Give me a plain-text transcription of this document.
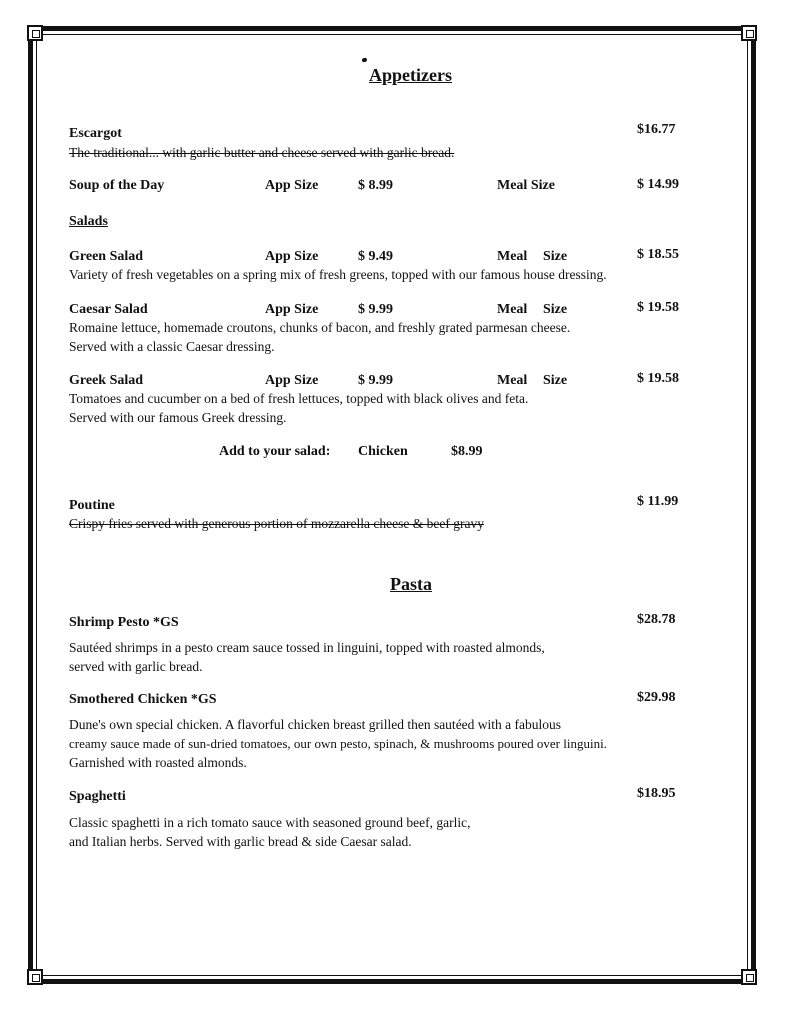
Appetizers
Escargot	$16.77
The traditional... with garlic butter and cheese served with garlic bread.
Soup of the Day	App Size	$ 8.99	Meal Size	$ 14.99
Salads
Green Salad	App Size	$ 9.49	Meal Size	$ 18.55
Variety of fresh vegetables on a spring mix of fresh greens, topped with our famous house dressing.
Caesar Salad	App Size	$ 9.99	Meal Size	$ 19.58
Romaine lettuce, homemade croutons, chunks of bacon, and freshly grated parmesan cheese.
Served with a classic Caesar dressing.
Greek Salad	App Size	$ 9.99	Meal Size	$ 19.58
Tomatoes and cucumber on a bed of fresh lettuces, topped with black olives and feta.
Served with our famous Greek dressing.
Add to your salad: Chicken	$8.99
Poutine	$ 11.99
Crispy fries served with generous portion of mozzarella cheese & beef gravy
Pasta
Shrimp Pesto *GS	$28.78
Sautéed shrimps in a pesto cream sauce tossed in linguini, topped with roasted almonds,
served with garlic bread.
Smothered Chicken *GS	$29.98
Dune's own special chicken. A flavorful chicken breast grilled then sautéed with a fabulous
creamy sauce made of sun-dried tomatoes, our own pesto, spinach, & mushrooms poured over linguini.
Garnished with roasted almonds.
Spaghetti	$18.95
Classic spaghetti in a rich tomato sauce with seasoned ground beef, garlic,
and Italian herbs. Served with garlic bread & side Caesar salad.
